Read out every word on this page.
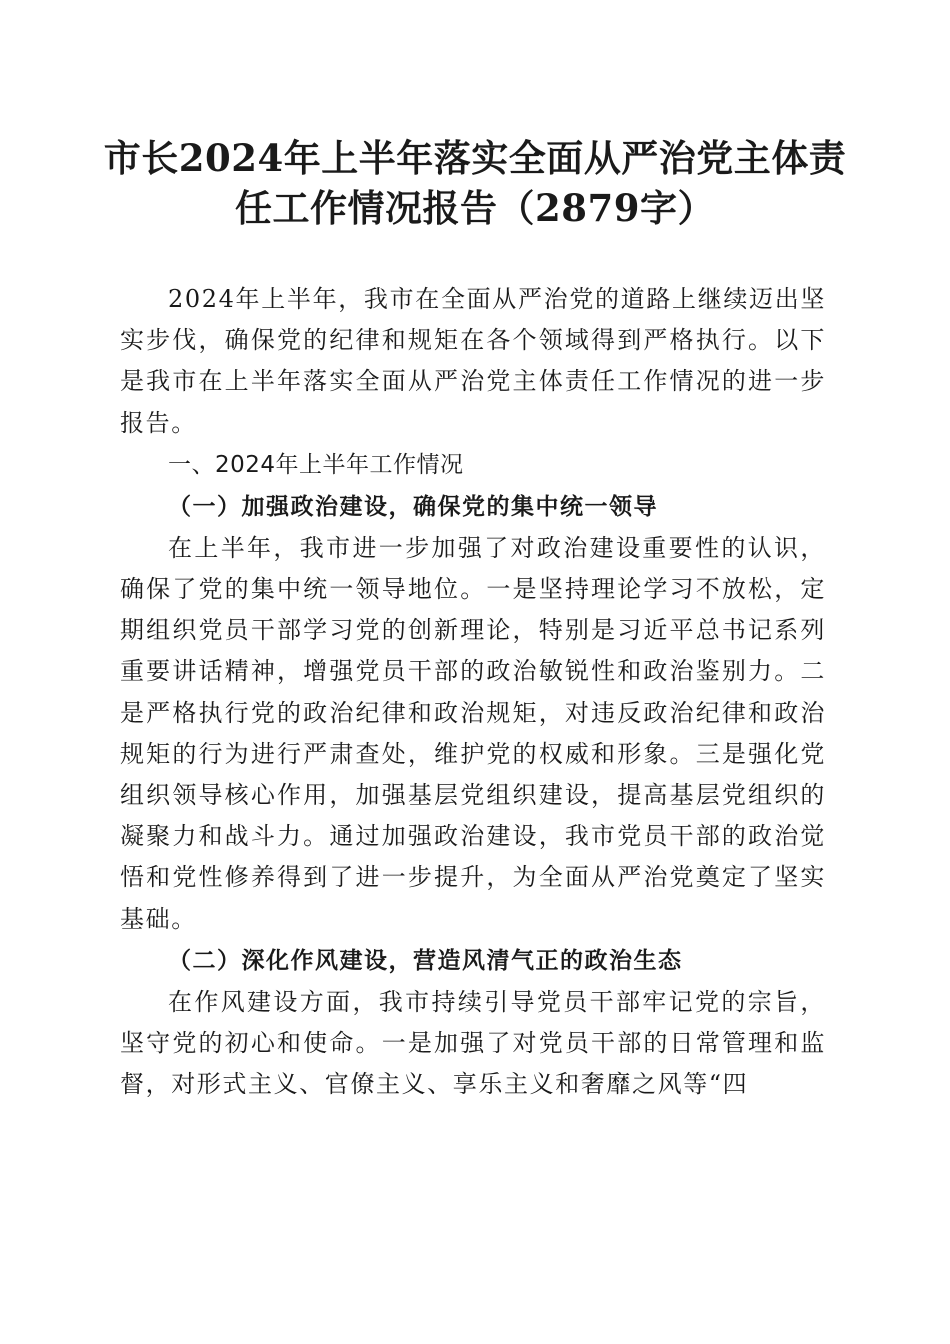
市长2024年上半年落实全面从严治党主体责
任工作情况报告（2879字）

2024年上半年，我市在全面从严治党的道路上继续迈出坚实步伐，确保党的纪律和规矩在各个领域得到严格执行。以下是我市在上半年落实全面从严治党主体责任工作情况的进一步报告。

一、2024年上半年工作情况

（一）加强政治建设，确保党的集中统一领导

在上半年，我市进一步加强了对政治建设重要性的认识，确保了党的集中统一领导地位。一是坚持理论学习不放松，定期组织党员干部学习党的创新理论，特别是习近平总书记系列重要讲话精神，增强党员干部的政治敏锐性和政治鉴别力。二是严格执行党的政治纪律和政治规矩，对违反政治纪律和政治规矩的行为进行严肃查处，维护党的权威和形象。三是强化党组织领导核心作用，加强基层党组织建设，提高基层党组织的凝聚力和战斗力。通过加强政治建设，我市党员干部的政治觉悟和党性修养得到了进一步提升，为全面从严治党奠定了坚实基础。

（二）深化作风建设，营造风清气正的政治生态

在作风建设方面，我市持续引导党员干部牢记党的宗旨，坚守党的初心和使命。一是加强了对党员干部的日常管理和监督，对形式主义、官僚主义、享乐主义和奢靡之风等“四
